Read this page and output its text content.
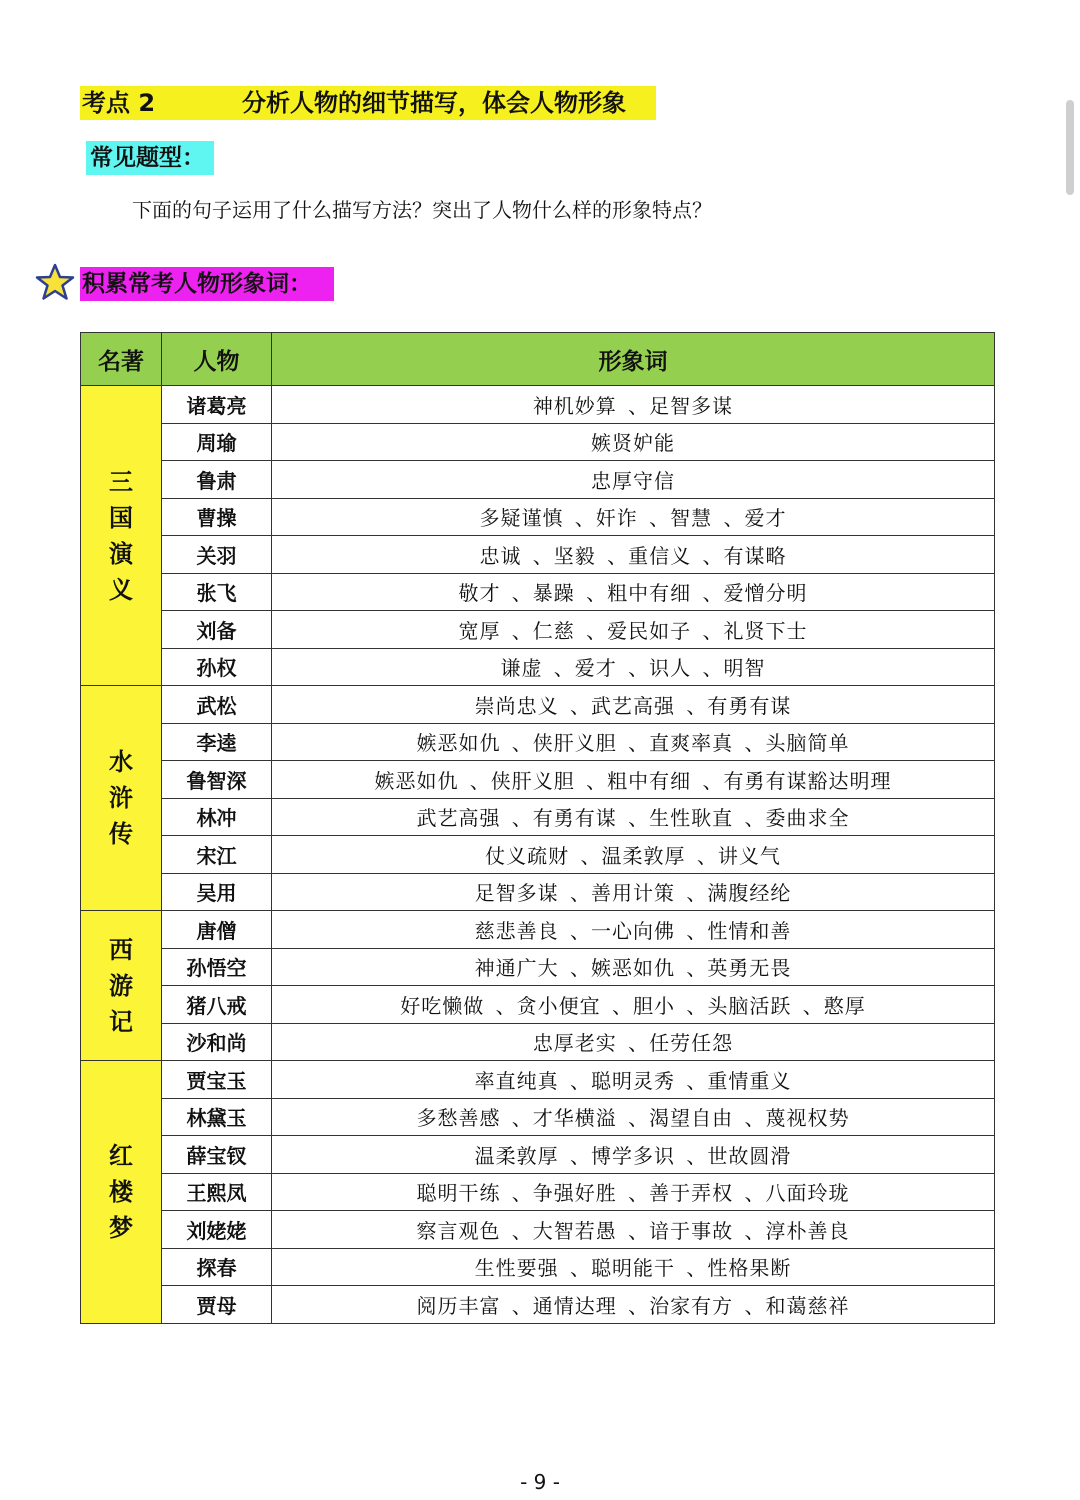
考点 2	分析人物的细节描写，体会人物形象
常见题型：
下面的句子运用了什么描写方法？突出了人物什么样的形象特点？
积累常考人物形象词：
名著	人物	形象词
三国演义	诸葛亮	神机妙算 、足智多谋
	周瑜	嫉贤妒能
	鲁肃	忠厚守信
	曹操	多疑谨慎 、奸诈 、智慧 、爱才
	关羽	忠诚 、坚毅 、重信义 、有谋略
	张飞	敬才 、暴躁 、粗中有细 、爱憎分明
	刘备	宽厚 、仁慈 、爱民如子 、礼贤下士
	孙权	谦虚 、爱才 、识人 、明智
水浒传	武松	崇尚忠义 、武艺高强 、有勇有谋
	李逵	嫉恶如仇 、侠肝义胆 、直爽率真 、头脑简单
	鲁智深	嫉恶如仇 、侠肝义胆 、粗中有细 、有勇有谋豁达明理
	林冲	武艺高强 、有勇有谋 、生性耿直 、委曲求全
	宋江	仗义疏财 、温柔敦厚 、讲义气
	吴用	足智多谋 、善用计策 、满腹经纶
西游记	唐僧	慈悲善良 、一心向佛 、性情和善
	孙悟空	神通广大 、嫉恶如仇 、英勇无畏
	猪八戒	好吃懒做 、贪小便宜 、胆小 、头脑活跃 、憨厚
	沙和尚	忠厚老实 、任劳任怨
红楼梦	贾宝玉	率直纯真 、聪明灵秀 、重情重义
	林黛玉	多愁善感 、才华横溢 、渴望自由 、蔑视权势
	薛宝钗	温柔敦厚 、博学多识 、世故圆滑
	王熙凤	聪明干练 、争强好胜 、善于弄权 、八面玲珑
	刘姥姥	察言观色 、大智若愚 、谙于事故 、淳朴善良
	探春	生性要强 、聪明能干 、性格果断
	贾母	阅历丰富 、通情达理 、治家有方 、和蔼慈祥
- 9 -
